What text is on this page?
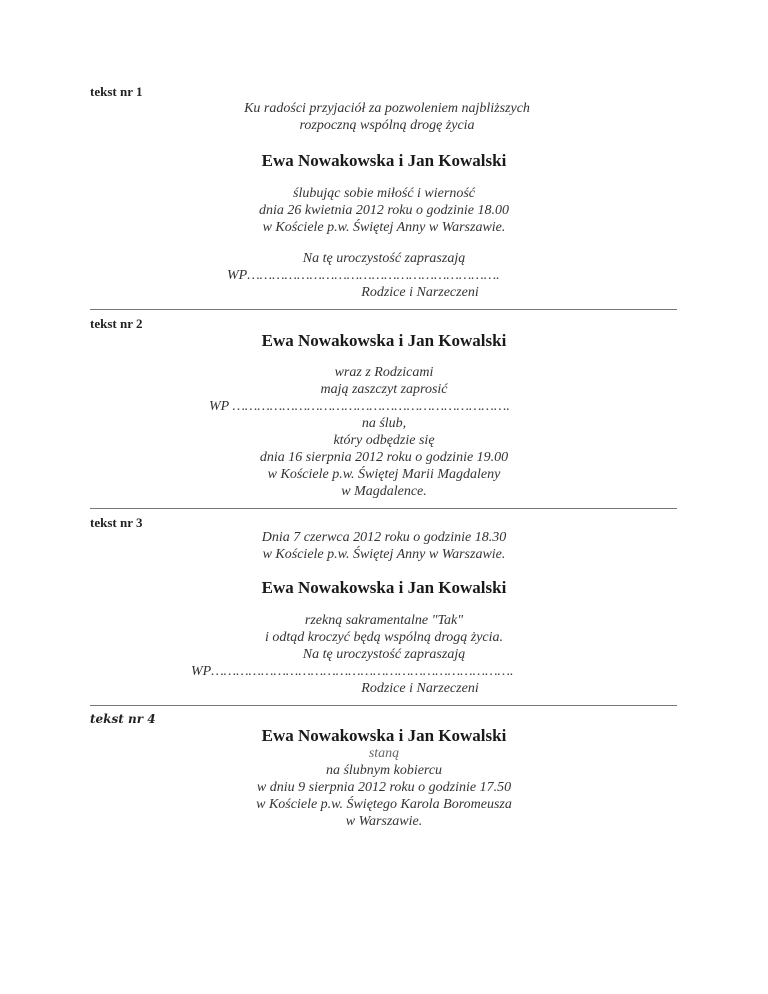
tekst nr 1
Ku radości przyjaciół za pozwoleniem najbliższych
rozpoczną wspólną drogę życia
Ewa Nowakowska i Jan Kowalski
ślubując sobie miłość i wierność
dnia 26 kwietnia 2012 roku o godzinie 18.00
w Kościele p.w. Świętej Anny w Warszawie.
Na tę uroczystość zapraszają
WP…………………………………………………….
Rodzice i Narzeczeni
tekst nr 2
Ewa Nowakowska i Jan Kowalski
wraz z Rodzicami
mają zaszczyt zaprosić
WP ………………………………………………………….
na ślub,
który odbędzie się
dnia 16 sierpnia 2012 roku o godzinie 19.00
w Kościele p.w. Świętej Marii Magdaleny
w Magdalence.
tekst nr 3
Dnia 7 czerwca 2012 roku o godzinie 18.30
w Kościele p.w. Świętej Anny w Warszawie.
Ewa Nowakowska i Jan Kowalski
rzekną sakramentalne "Tak"
i odtąd kroczyć będą wspólną drogą życia.
Na tę uroczystość zapraszają
WP……………………………………………………………….
Rodzice i Narzeczeni
tekst nr 4
Ewa Nowakowska i Jan Kowalski
staną
na ślubnym kobiercu
w dniu 9 sierpnia 2012 roku o godzinie 17.50
w Kościele p.w. Świętego Karola Boromeusza
w Warszawie.
